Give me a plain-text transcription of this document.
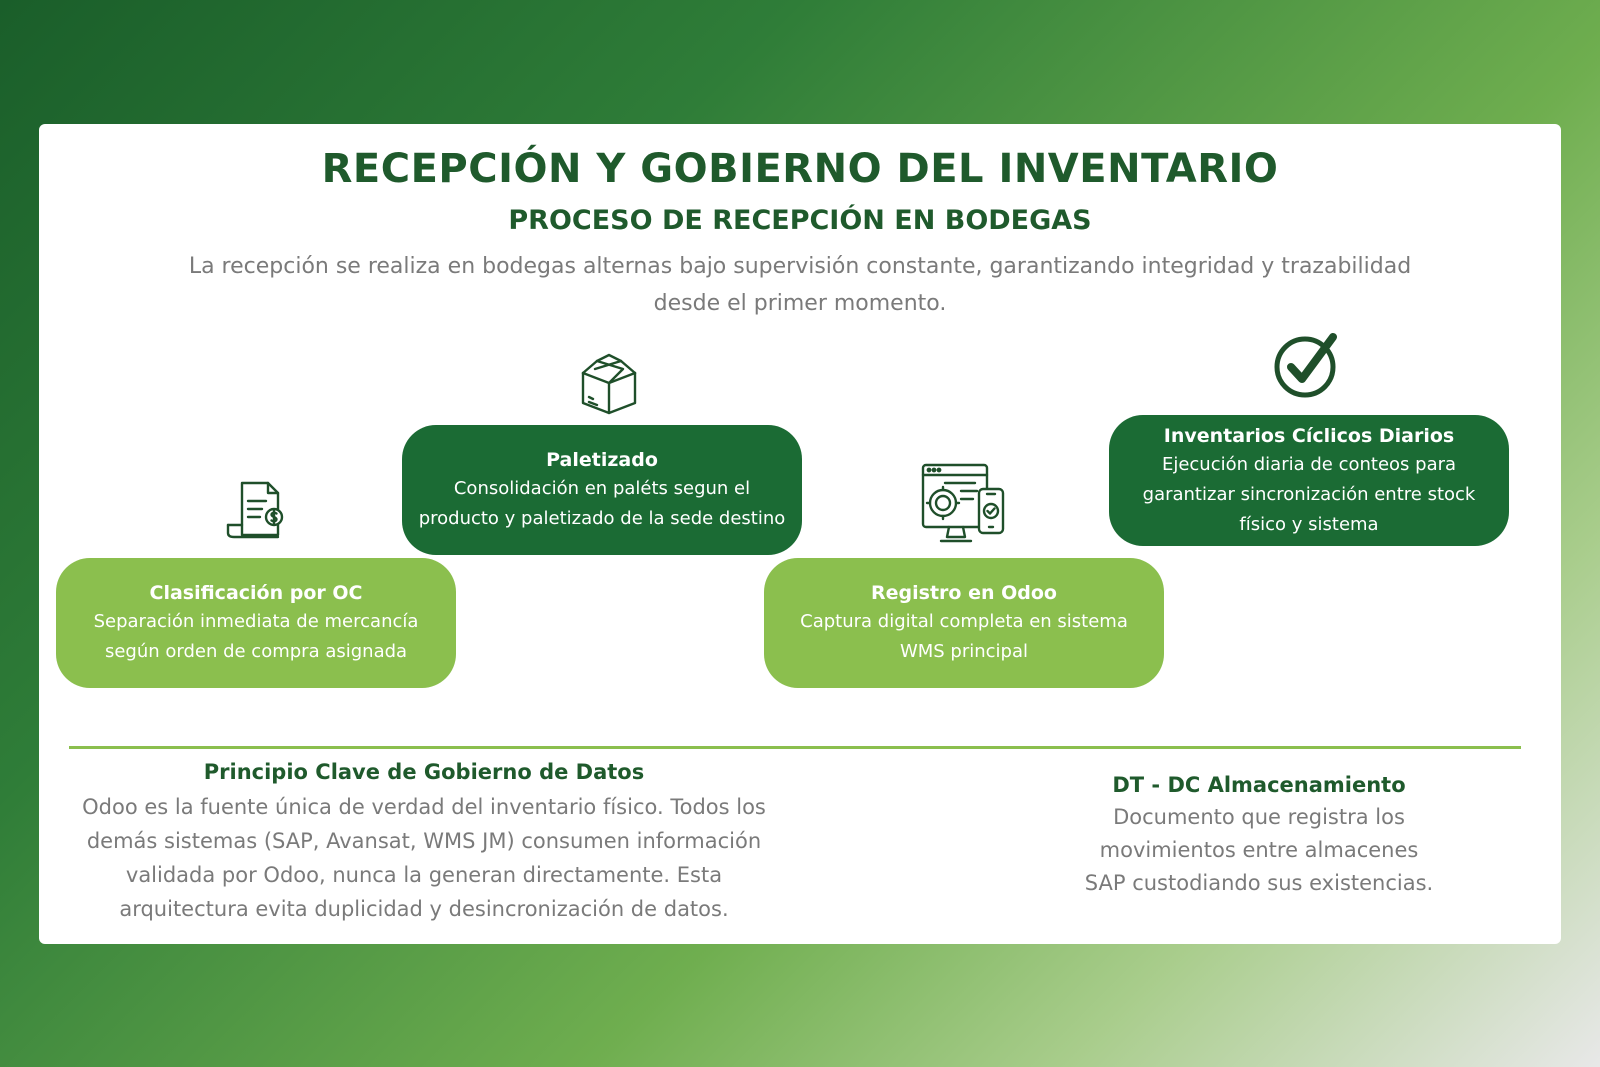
RECEPCIÓN Y GOBIERNO DEL INVENTARIO
PROCESO DE RECEPCIÓN EN BODEGAS
La recepción se realiza en bodegas alternas bajo supervisión constante, garantizando integridad y trazabilidad desde el primer momento.
Clasificación por OC
Separación inmediata de mercancía según orden de compra asignada
Paletizado
Consolidación en paléts segun el producto y paletizado de la sede destino
Registro en Odoo
Captura digital completa en sistema WMS principal
Inventarios Cíclicos Diarios
Ejecución diaria de conteos para garantizar sincronización entre stock físico y sistema
Principio Clave de Gobierno de Datos
Odoo es la fuente única de verdad del inventario físico. Todos los demás sistemas (SAP, Avansat, WMS JM) consumen información validada por Odoo, nunca la generan directamente. Esta arquitectura evita duplicidad y desincronización de datos.
DT - DC Almacenamiento
Documento que registra los movimientos entre almacenes SAP custodiando sus existencias.
